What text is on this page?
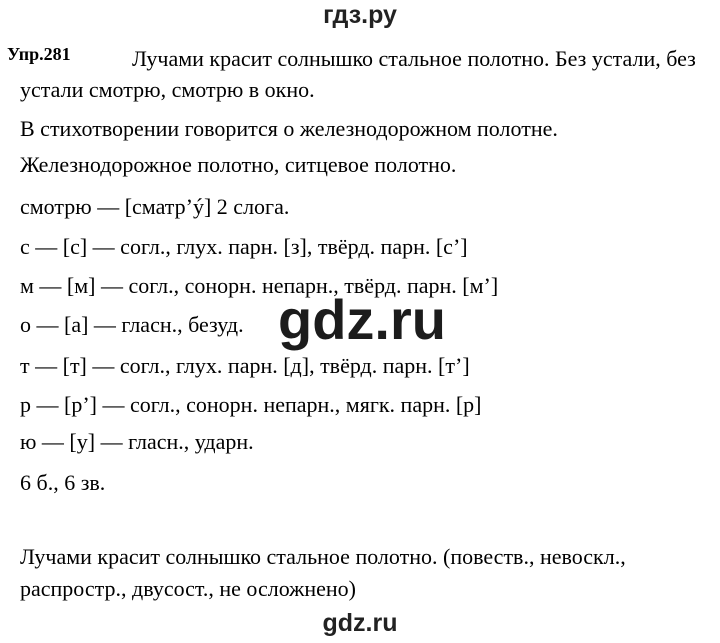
гдз.ру
Упр.281	Лучами красит солнышко стальное полотно. Без устали, без
устали смотрю, смотрю в окно.
В стихотворении говорится о железнодорожном полотне.
Железнодорожное полотно, ситцевое полотно.
смотрю — [сматр’ý] 2 слога.
с — [с] — согл., глух. парн. [з], твёрд. парн. [с’]
м — [м] — согл., сонорн. непарн., твёрд. парн. [м’]
о — [а] — гласн., безуд.
т — [т] — согл., глух. парн. [д], твёрд. парн. [т’]
р — [р’] — согл., сонорн. непарн., мягк. парн. [р]
ю — [у] — гласн., ударн.
6 б., 6 зв.
Лучами красит солнышко стальное полотно. (повеств., невоскл.,
распростр., двусост., не осложнено)
gdz.ru
gdz.ru
